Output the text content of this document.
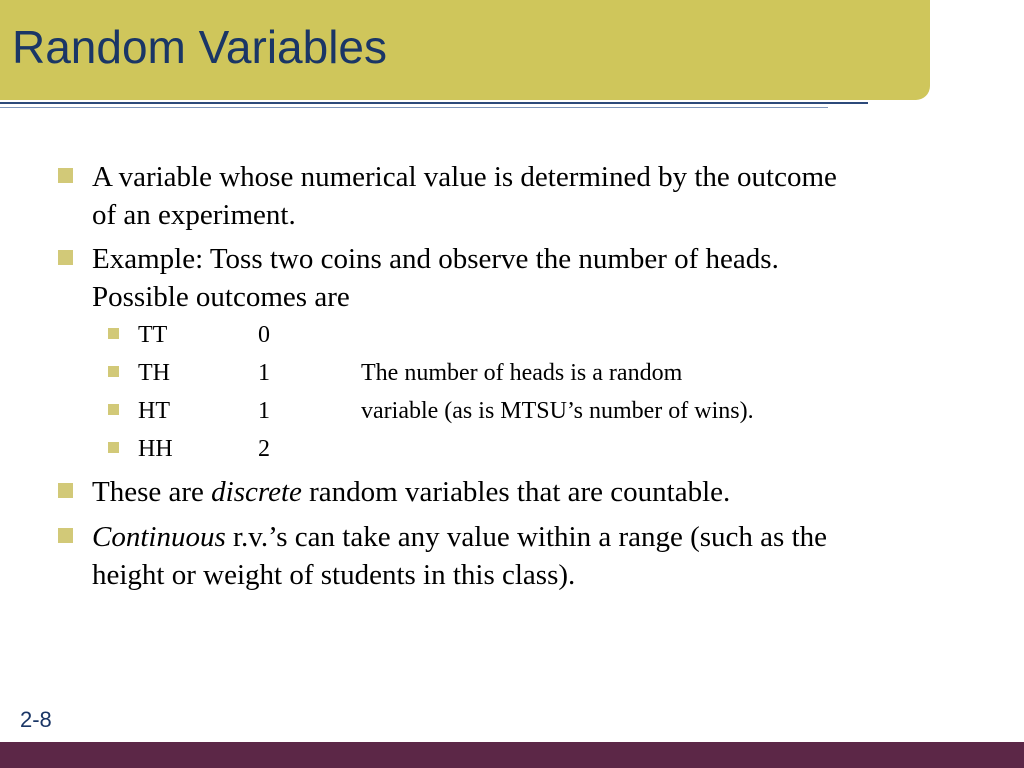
Random Variables
A variable whose numerical value is determined by the outcome
of an experiment.
Example: Toss two coins and observe the number of heads.
Possible outcomes are
TT	0
TH	1	The number of heads is a random
HT	1	variable (as is MTSU’s number of wins).
HH	2
These are discrete random variables that are countable.
Continuous r.v.’s can take any value within a range (such as the
height or weight of students in this class).
2-8
